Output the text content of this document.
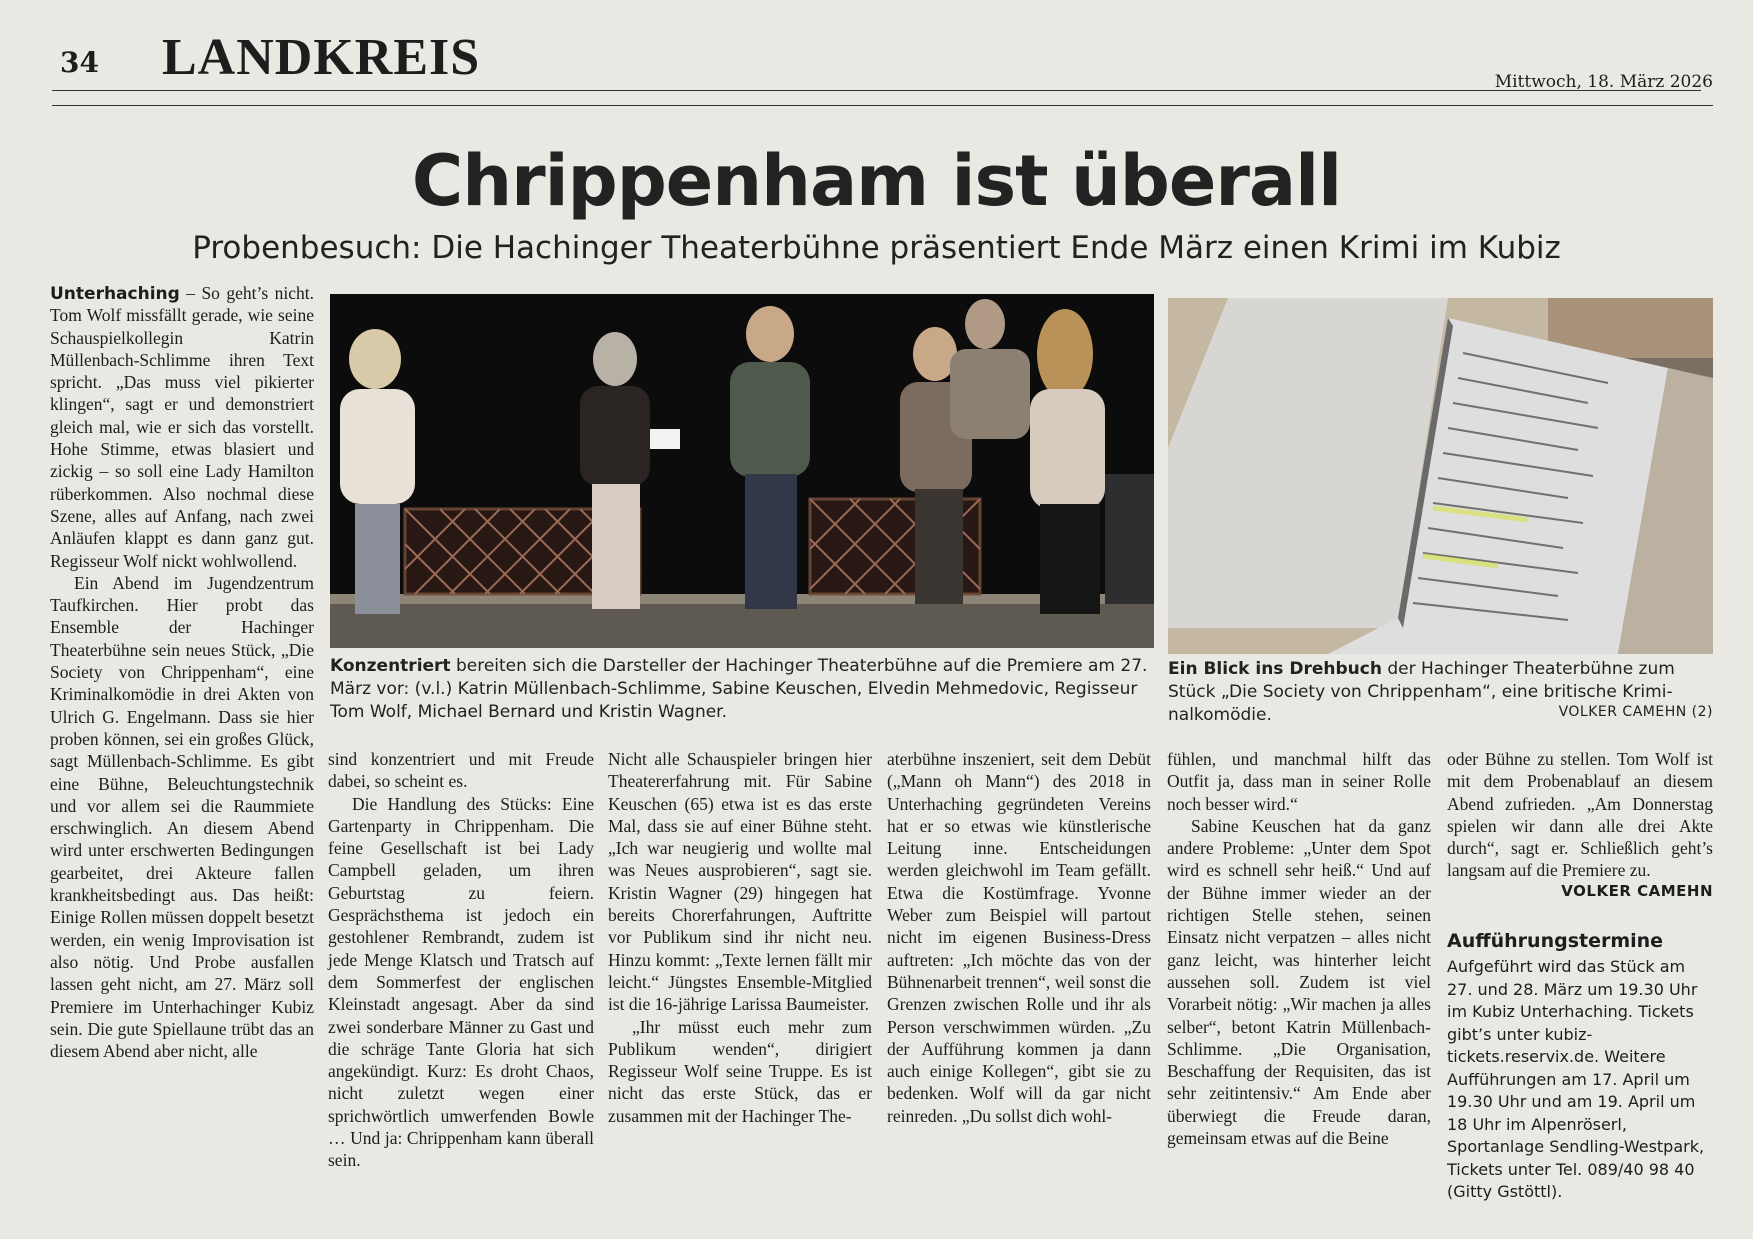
34 LANDKREIS	Mittwoch, 18. März 2026
Chrippenham ist überall
Probenbesuch: Die Hachinger Theaterbühne präsentiert Ende März einen Krimi im Kubiz
Konzentriert bereiten sich die Darsteller der Hachinger Theaterbühne auf die Premiere am 27. März vor: (v.l.) Katrin Müllenbach-Schlimme, Sabine Keuschen, Elvedin Mehmedovic, Regisseur Tom Wolf, Michael Bernard und Kristin Wagner.
Ein Blick ins Drehbuch der Hachinger Theaterbühne zum Stück „Die Society von Chrippenham“, eine britische Kriminalkomödie.	VOLKER CAMEHN (2)

Unterhaching – So geht’s nicht. Tom Wolf missfällt gerade, wie seine Schauspielkollegin Katrin Müllenbach-Schlimme ihren Text spricht. „Das muss viel pikierter klingen“, sagt er und demonstriert gleich mal, wie er sich das vorstellt. Hohe Stimme, etwas blasiert und zickig – so soll eine Lady Hamilton rüberkommen. Also nochmal diese Szene, alles auf Anfang, nach zwei Anläufen klappt es dann ganz gut. Regisseur Wolf nickt wohlwollend.

Ein Abend im Jugendzentrum Taufkirchen. Hier probt das Ensemble der Hachinger Theaterbühne sein neues Stück, „Die Society von Chrippenham“, eine Kriminalkomödie in drei Akten von Ulrich G. Engelmann. Dass sie hier proben können, sei ein großes Glück, sagt Müllenbach-Schlimme. Es gibt eine Bühne, Beleuchtungstechnik und vor allem sei die Raummiete erschwinglich. An diesem Abend wird unter erschwerten Bedingungen gearbeitet, drei Akteure fallen krankheitsbedingt aus. Das heißt: Einige Rollen müssen doppelt besetzt werden, ein wenig Improvisation ist also nötig. Und Probe ausfallen lassen geht nicht, am 27. März soll Premiere im Unterhachinger Kubiz sein. Die gute Spiellaune trübt das an diesem Abend aber nicht, alle

sind konzentriert und mit Freude dabei, so scheint es.

Die Handlung des Stücks: Eine Gartenparty in Chrippenham. Die feine Gesellschaft ist bei Lady Campbell geladen, um ihren Geburtstag zu feiern. Gesprächsthema ist jedoch ein gestohlener Rembrandt, zudem ist jede Menge Klatsch und Tratsch auf dem Sommerfest der englischen Kleinstadt angesagt. Aber da sind zwei sonderbare Männer zu Gast und die schräge Tante Gloria hat sich angekündigt. Kurz: Es droht Chaos, nicht zuletzt wegen einer sprichwörtlich umwerfenden Bowle … Und ja: Chrippenham kann überall sein.

Nicht alle Schauspieler bringen hier Theatererfahrung mit. Für Sabine Keuschen (65) etwa ist es das erste Mal, dass sie auf einer Bühne steht. „Ich war neugierig und wollte mal was Neues ausprobieren“, sagt sie. Kristin Wagner (29) hingegen hat bereits Chorerfahrungen, Auftritte vor Publikum sind ihr nicht neu. Hinzu kommt: „Texte lernen fällt mir leicht.“ Jüngstes Ensemble-Mitglied ist die 16-jährige Larissa Baumeister.

„Ihr müsst euch mehr zum Publikum wenden“, dirigiert Regisseur Wolf seine Truppe. Es ist nicht das erste Stück, das er zusammen mit der Hachinger The-

aterbühne inszeniert, seit dem Debüt („Mann oh Mann“) des 2018 in Unterhaching gegründeten Vereins hat er so etwas wie künstlerische Leitung inne. Entscheidungen werden gleichwohl im Team gefällt. Etwa die Kostümfrage. Yvonne Weber zum Beispiel will partout nicht im eigenen Business-Dress auftreten: „Ich möchte das von der Bühnenarbeit trennen“, weil sonst die Grenzen zwischen Rolle und ihr als Person verschwimmen würden. „Zu der Aufführung kommen ja dann auch einige Kollegen“, gibt sie zu bedenken. Wolf will da gar nicht reinreden. „Du sollst dich wohl-

fühlen, und manchmal hilft das Outfit ja, dass man in seiner Rolle noch besser wird.“

Sabine Keuschen hat da ganz andere Probleme: „Unter dem Spot wird es schnell sehr heiß.“ Und auf der Bühne immer wieder an der richtigen Stelle stehen, seinen Einsatz nicht verpatzen – alles nicht ganz leicht, was hinterher leicht aussehen soll. Zudem ist viel Vorarbeit nötig: „Wir machen ja alles selber“, betont Katrin Müllenbach-Schlimme. „Die Organisation, Beschaffung der Requisiten, das ist sehr zeitintensiv.“ Am Ende aber überwiegt die Freude daran, gemeinsam etwas auf die Beine

oder Bühne zu stellen. Tom Wolf ist mit dem Probenablauf an diesem Abend zufrieden. „Am Donnerstag spielen wir dann alle drei Akte durch“, sagt er. Schließlich geht’s langsam auf die Premiere zu.
VOLKER CAMEHN

Aufführungstermine
Aufgeführt wird das Stück am 27. und 28. März um 19.30 Uhr im Kubiz Unterhaching. Tickets gibt’s unter kubiz-tickets.reservix.de. Weitere Aufführungen am 17. April um 19.30 Uhr und am 19. April um 18 Uhr im Alpenröserl, Sportanlage Sendling-Westpark, Tickets unter Tel. 089/40 98 40 (Gitty Gstöttl).
